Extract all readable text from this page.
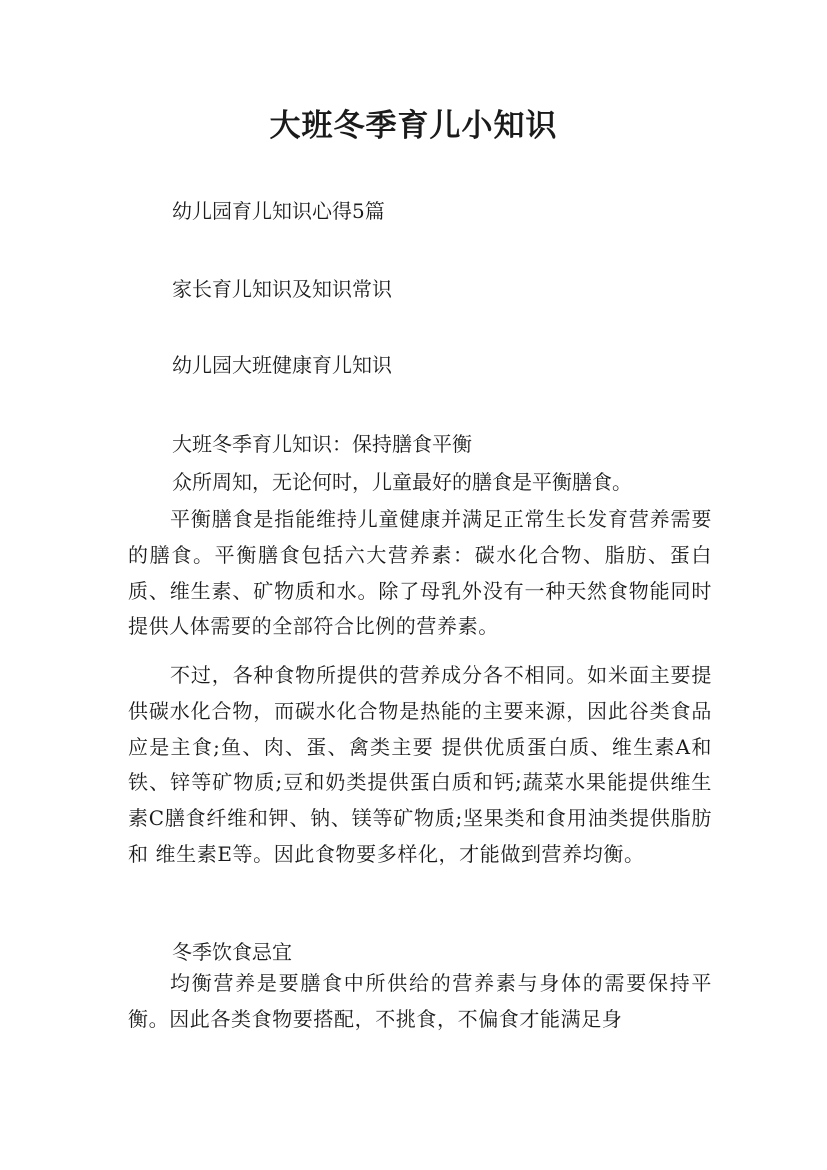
大班冬季育儿小知识
幼儿园育儿知识心得5篇
家长育儿知识及知识常识
幼儿园大班健康育儿知识
大班冬季育儿知识：保持膳食平衡
众所周知，无论何时，儿童最好的膳食是平衡膳食。
平衡膳食是指能维持儿童健康并满足正常生长发育营养需要的膳食。平衡膳食包括六大营养素：碳水化合物、脂肪、蛋白质、维生素、矿物质和水。除了母乳外没有一种天然食物能同时提供人体需要的全部符合比例的营养素。
不过，各种食物所提供的营养成分各不相同。如米面主要提供碳水化合物，而碳水化合物是热能的主要来源，因此谷类食品应是主食;鱼、肉、蛋、禽类主要 提供优质蛋白质、维生素A和铁、锌等矿物质;豆和奶类提供蛋白质和钙;蔬菜水果能提供维生素C膳食纤维和钾、钠、镁等矿物质;坚果类和食用油类提供脂肪和 维生素E等。因此食物要多样化，才能做到营养均衡。
冬季饮食忌宜
均衡营养是要膳食中所供给的营养素与身体的需要保持平衡。因此各类食物要搭配，不挑食，不偏食才能满足身
